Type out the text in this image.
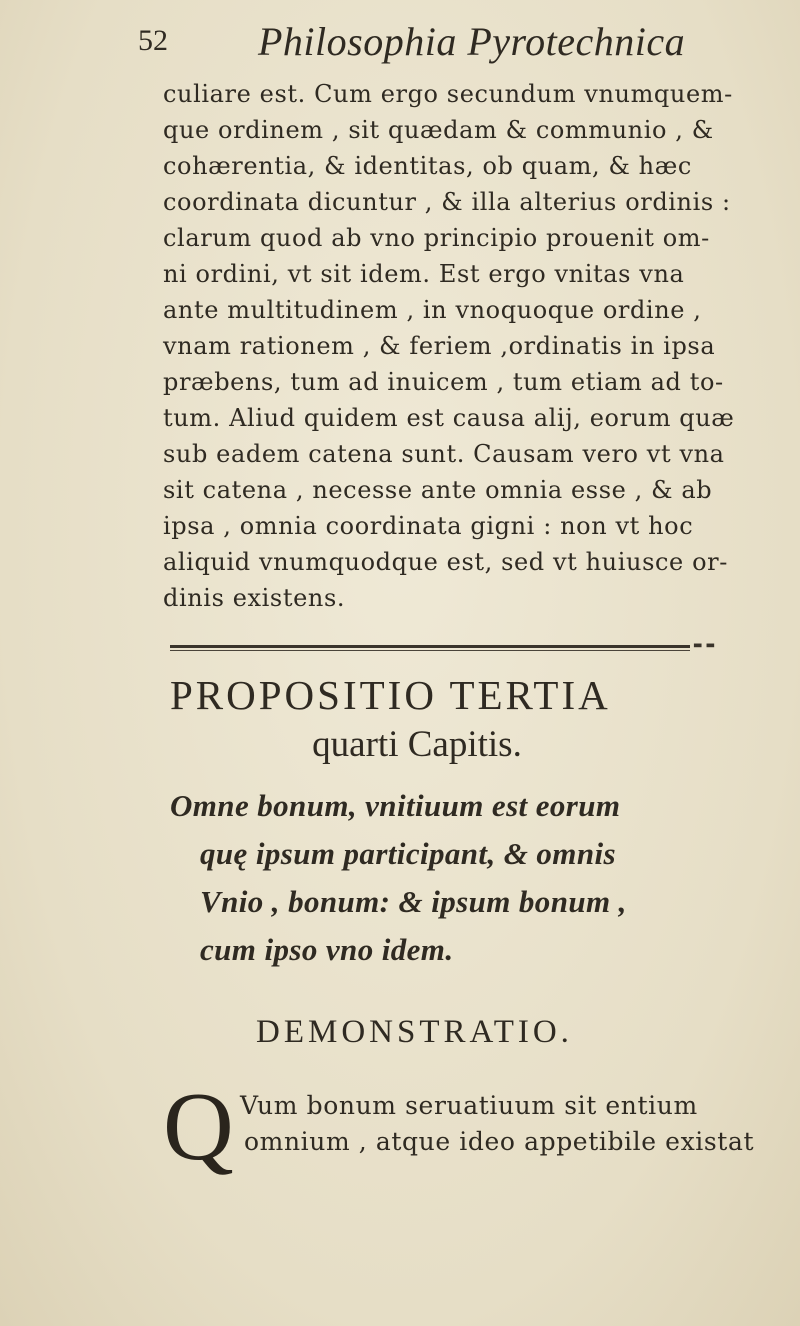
52 Philosophia Pyrotechnica
culiare est. Cum ergo secundum vnumquem-
que ordinem , sit quædam & communio , &
cohærentia, & identitas, ob quam, & hæc
coordinata dicuntur , & illa alterius ordinis :
clarum quod ab vno principio prouenit om-
ni ordini, vt sit idem. Est ergo vnitas vna
ante multitudinem , in vnoquoque ordine ,
vnam rationem , & feriem ,ordinatis in ipsa
præbens, tum ad inuicem , tum etiam ad to-
tum. Aliud quidem est causa alij, eorum quæ
sub eadem catena sunt. Causam vero vt vna
sit catena , necesse ante omnia esse , & ab
ipsa , omnia coordinata gigni : non vt hoc
aliquid vnumquodque est, sed vt huiusce or-
dinis existens.
▬ ▬
PROPOSITIO TERTIA
quarti Capitis.
Omne bonum, vnitiuum est eorum
quę ipsum participant, & omnis
Vnio , bonum: & ipsum bonum ,
cum ipso vno idem.
DEMONSTRATIO.
Q Vum bonum seruatiuum sit entium
omnium , atque ideo appetibile existat
